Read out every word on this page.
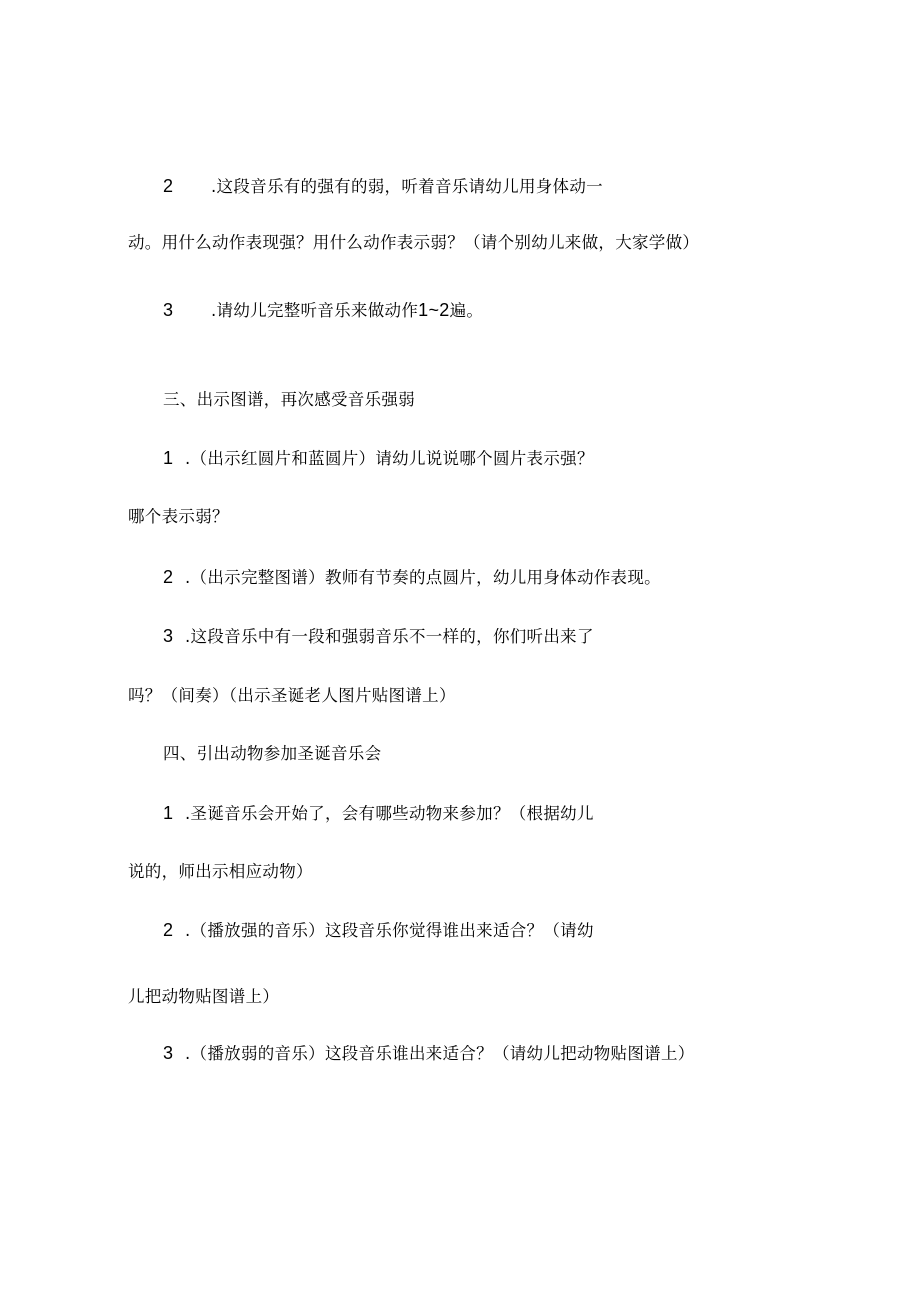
2 .这段音乐有的强有的弱，听着音乐请幼儿用身体动一
动。用什么动作表现强？用什么动作表示弱？（请个别幼儿来做，大家学做）
3 .请幼儿完整听音乐来做动作1~2遍。
三、出示图谱，再次感受音乐强弱
1 .（出示红圆片和蓝圆片）请幼儿说说哪个圆片表示强？
哪个表示弱？
2 .（出示完整图谱）教师有节奏的点圆片，幼儿用身体动作表现。
3 .这段音乐中有一段和强弱音乐不一样的，你们听出来了
吗？（间奏）（出示圣诞老人图片贴图谱上）
四、引出动物参加圣诞音乐会
1 .圣诞音乐会开始了，会有哪些动物来参加？（根据幼儿
说的，师出示相应动物）
2 .（播放强的音乐）这段音乐你觉得谁出来适合？（请幼
儿把动物贴图谱上）
3 .（播放弱的音乐）这段音乐谁出来适合？（请幼儿把动物贴图谱上）
